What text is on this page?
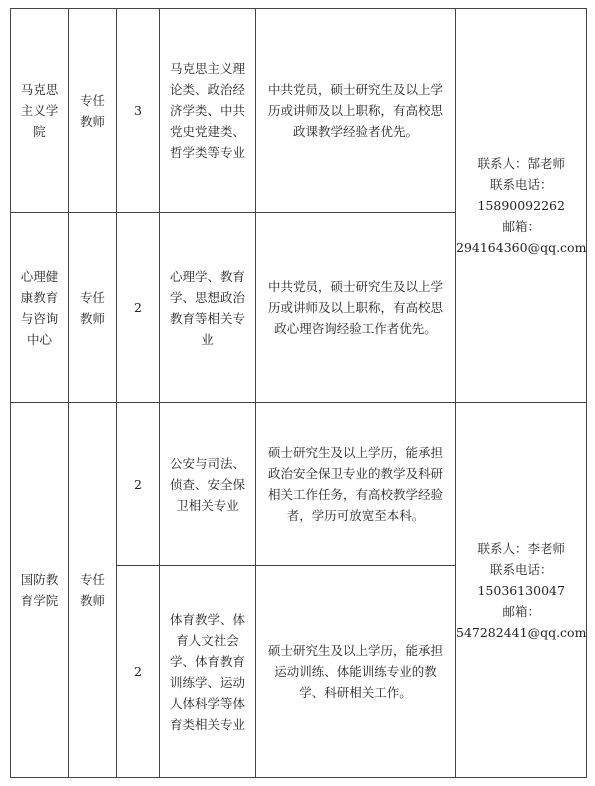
马克思主义学院	专任教师	3	马克思主义理论类、政治经济学类、中共党史党建类、哲学类等专业	中共党员，硕士研究生及以上学历或讲师及以上职称，有高校思政课教学经验者优先。	联系人：郜老师
联系电话：
15890092262
邮箱：
294164360@qq.com

心理健康教育与咨询中心	专任教师	2	心理学、教育学、思想政治教育等相关专业	中共党员，硕士研究生及以上学历或讲师及以上职称，有高校思政心理咨询经验工作者优先。	

国防教育学院	专任教师	2	公安与司法、侦查、安全保卫相关专业	硕士研究生及以上学历，能承担政治安全保卫专业的教学及科研相关工作任务，有高校教学经验者，学历可放宽至本科。	联系人：李老师
联系电话：
15036130047
邮箱：
547282441@qq.com

		2	体育教学、体育人文社会学、体育教育训练学、运动人体科学等体育类相关专业	硕士研究生及以上学历，能承担运动训练、体能训练专业的教学、科研相关工作。	
